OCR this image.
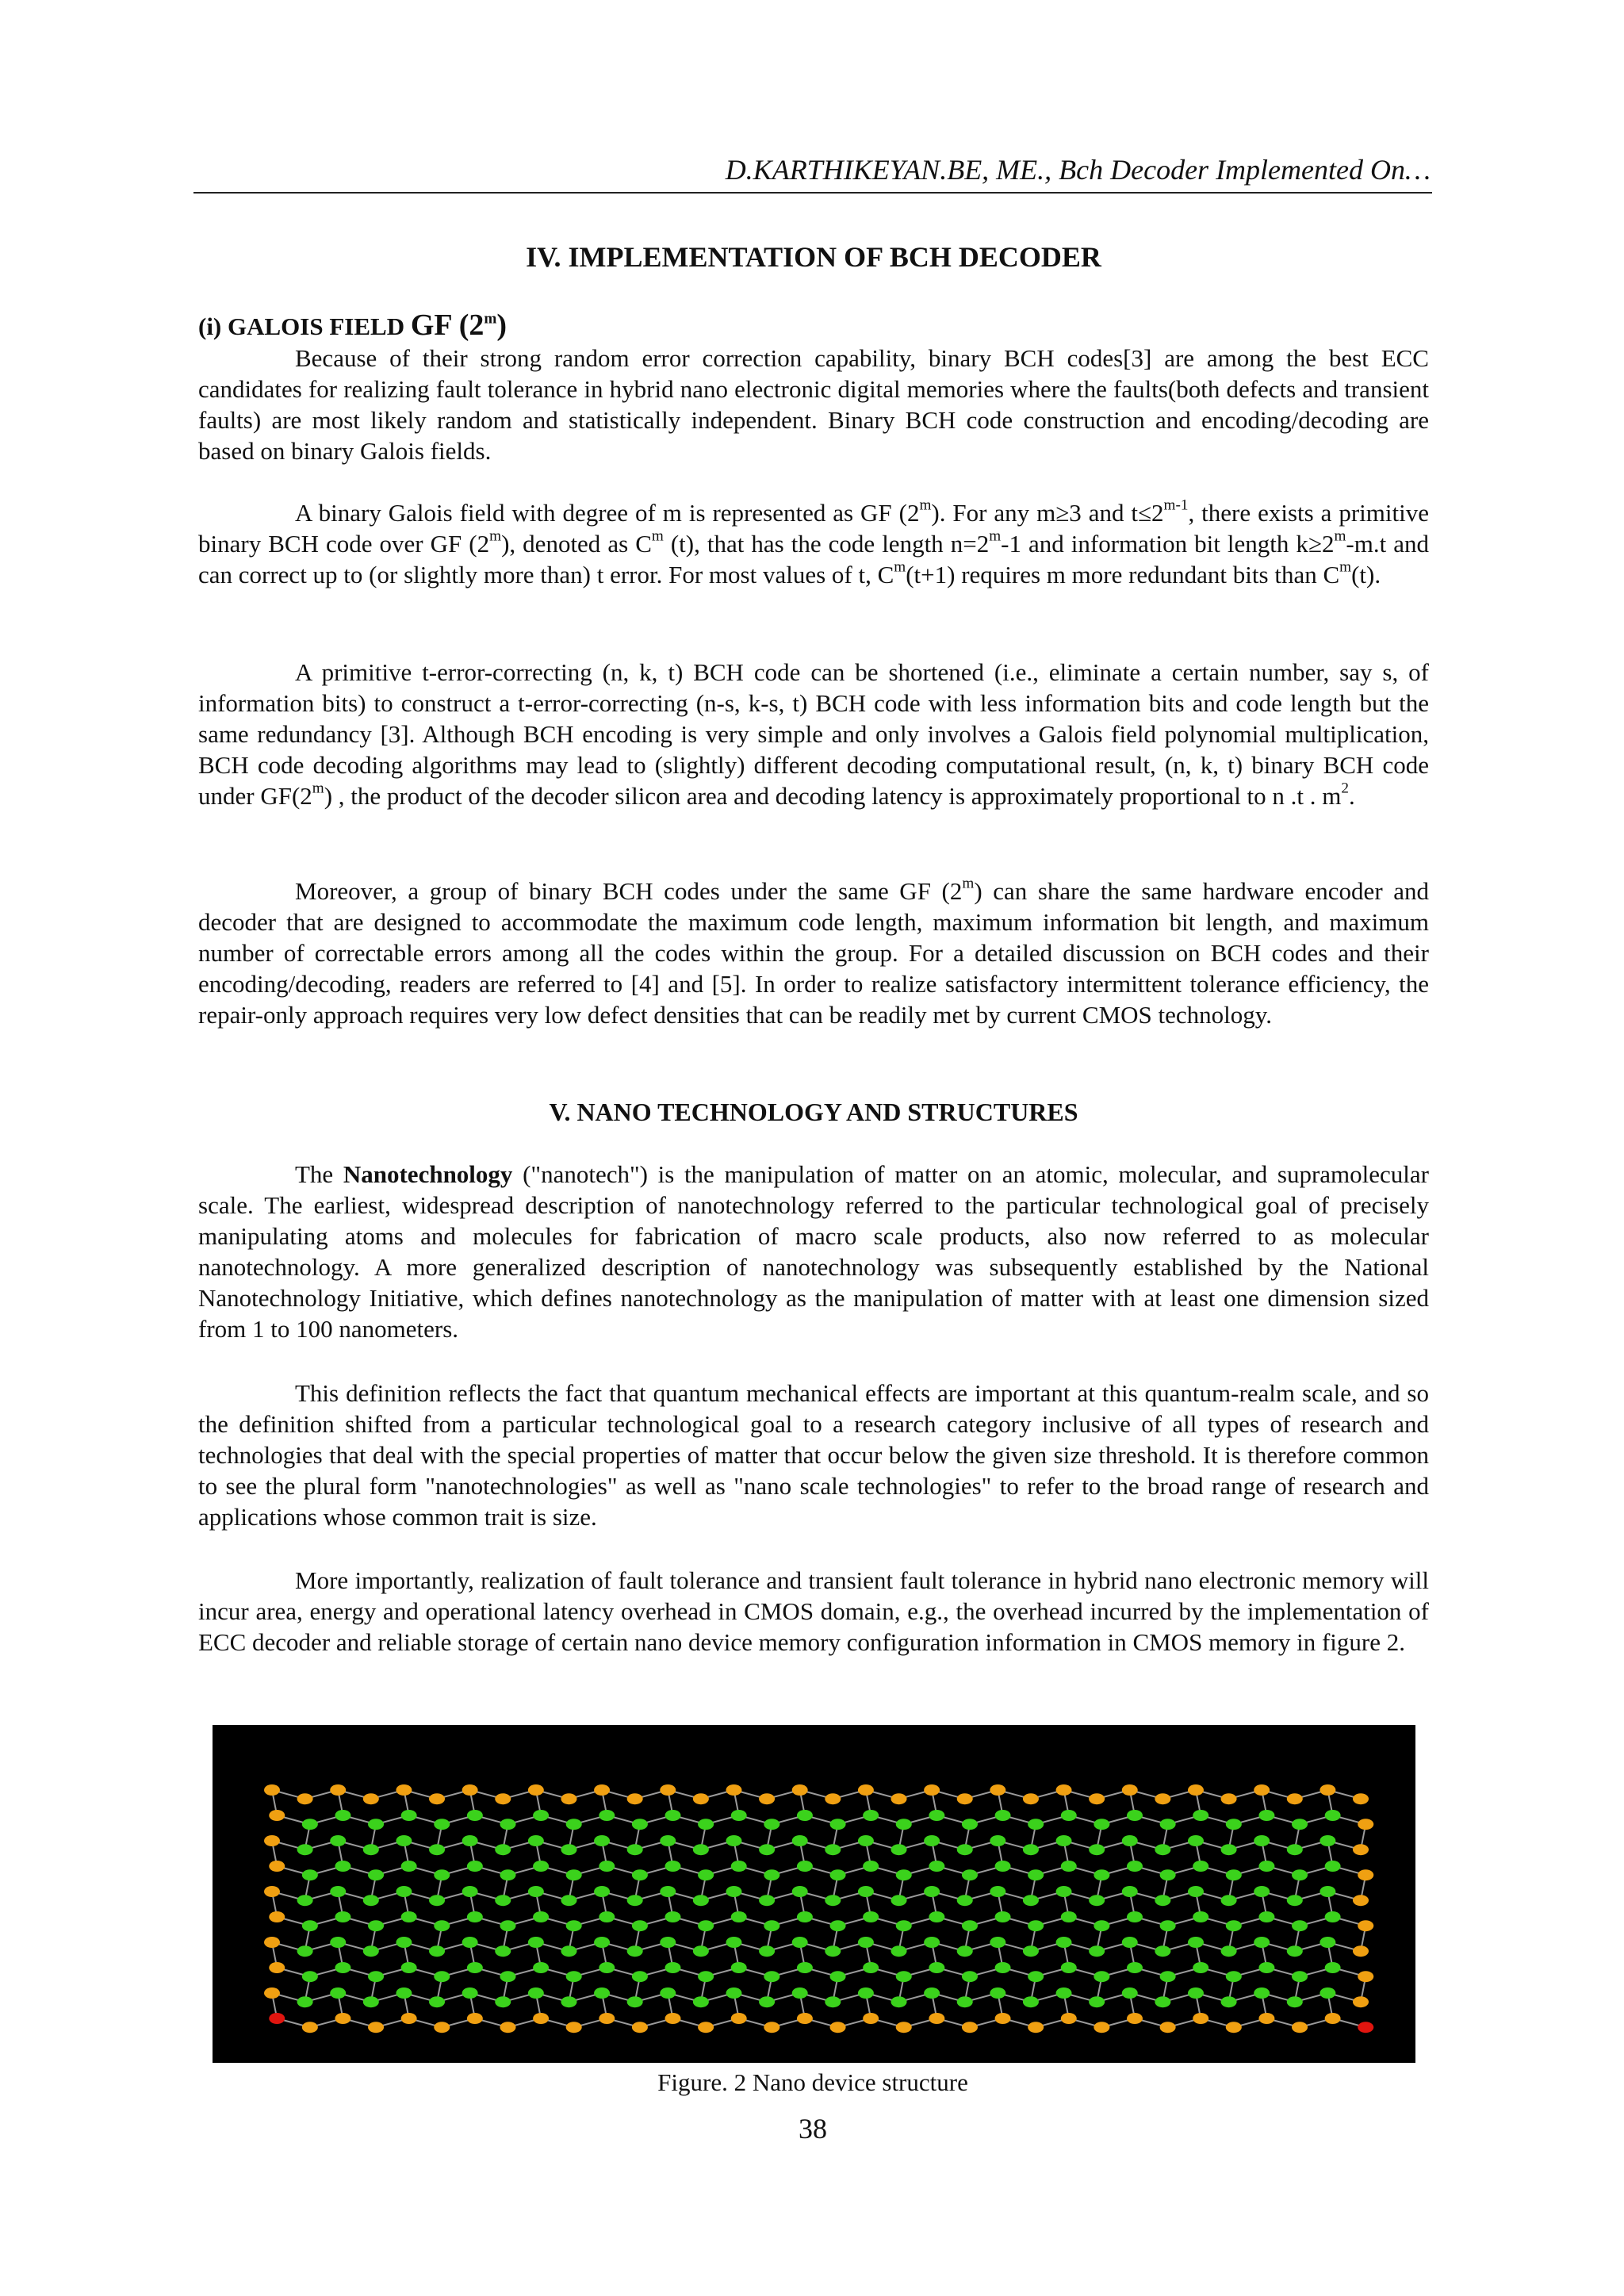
D.KARTHIKEYAN.BE, ME., Bch Decoder Implemented On…
IV. IMPLEMENTATION OF BCH DECODER
(i) GALOIS FIELD GF (2$^m$)

Because of their strong random error correction capability, binary BCH codes[3] are among the best ECC candidates for realizing fault tolerance in hybrid nano electronic digital memories where the faults(both defects and transient faults) are most likely random and statistically independent. Binary BCH code construction and encoding/decoding are based on binary Galois fields.

A binary Galois field with degree of m is represented as GF (2$^m$). For any m≥3 and $t\le 2^{m-1}$, there exists a primitive binary BCH code over GF (2$^m$), denoted as $C^m$ (t), that has the code length $n=2^m-1$ and information bit length $k\ge 2^m-m.t$ and can correct up to (or slightly more than) t error. For most values of t, $C^m(t+1)$ requires m more redundant bits than $C^m(t)$.

A primitive t-error-correcting (n, k, t) BCH code can be shortened (i.e., eliminate a certain number, say s, of information bits) to construct a t-error-correcting (n-s, k-s, t) BCH code with less information bits and code length but the same redundancy [3]. Although BCH encoding is very simple and only involves a Galois field polynomial multiplication, BCH code decoding algorithms may lead to (slightly) different decoding computational result, (n, k, t) binary BCH code under GF(2$^m$) , the product of the decoder silicon area and decoding latency is approximately proportional to n .t . $m^2$.

Moreover, a group of binary BCH codes under the same GF (2$^m$) can share the same hardware encoder and decoder that are designed to accommodate the maximum code length, maximum information bit length, and maximum number of correctable errors among all the codes within the group. For a detailed discussion on BCH codes and their encoding/decoding, readers are referred to [4] and [5]. In order to realize satisfactory intermittent tolerance efficiency, the repair-only approach requires very low defect densities that can be readily met by current CMOS technology.

V. NANO TECHNOLOGY AND STRUCTURES

The Nanotechnology ("nanotech") is the manipulation of matter on an atomic, molecular, and supramolecular scale. The earliest, widespread description of nanotechnology referred to the particular technological goal of precisely manipulating atoms and molecules for fabrication of macro scale products, also now referred to as molecular nanotechnology. A more generalized description of nanotechnology was subsequently established by the National Nanotechnology Initiative, which defines nanotechnology as the manipulation of matter with at least one dimension sized from 1 to 100 nanometers.

This definition reflects the fact that quantum mechanical effects are important at this quantum-realm scale, and so the definition shifted from a particular technological goal to a research category inclusive of all types of research and technologies that deal with the special properties of matter that occur below the given size threshold. It is therefore common to see the plural form "nanotechnologies" as well as "nano scale technologies" to refer to the broad range of research and applications whose common trait is size.

More importantly, realization of fault tolerance and transient fault tolerance in hybrid nano electronic memory will incur area, energy and operational latency overhead in CMOS domain, e.g., the overhead incurred by the implementation of ECC decoder and reliable storage of certain nano device memory configuration information in CMOS memory in figure 2.

Figure. 2 Nano device structure
38
